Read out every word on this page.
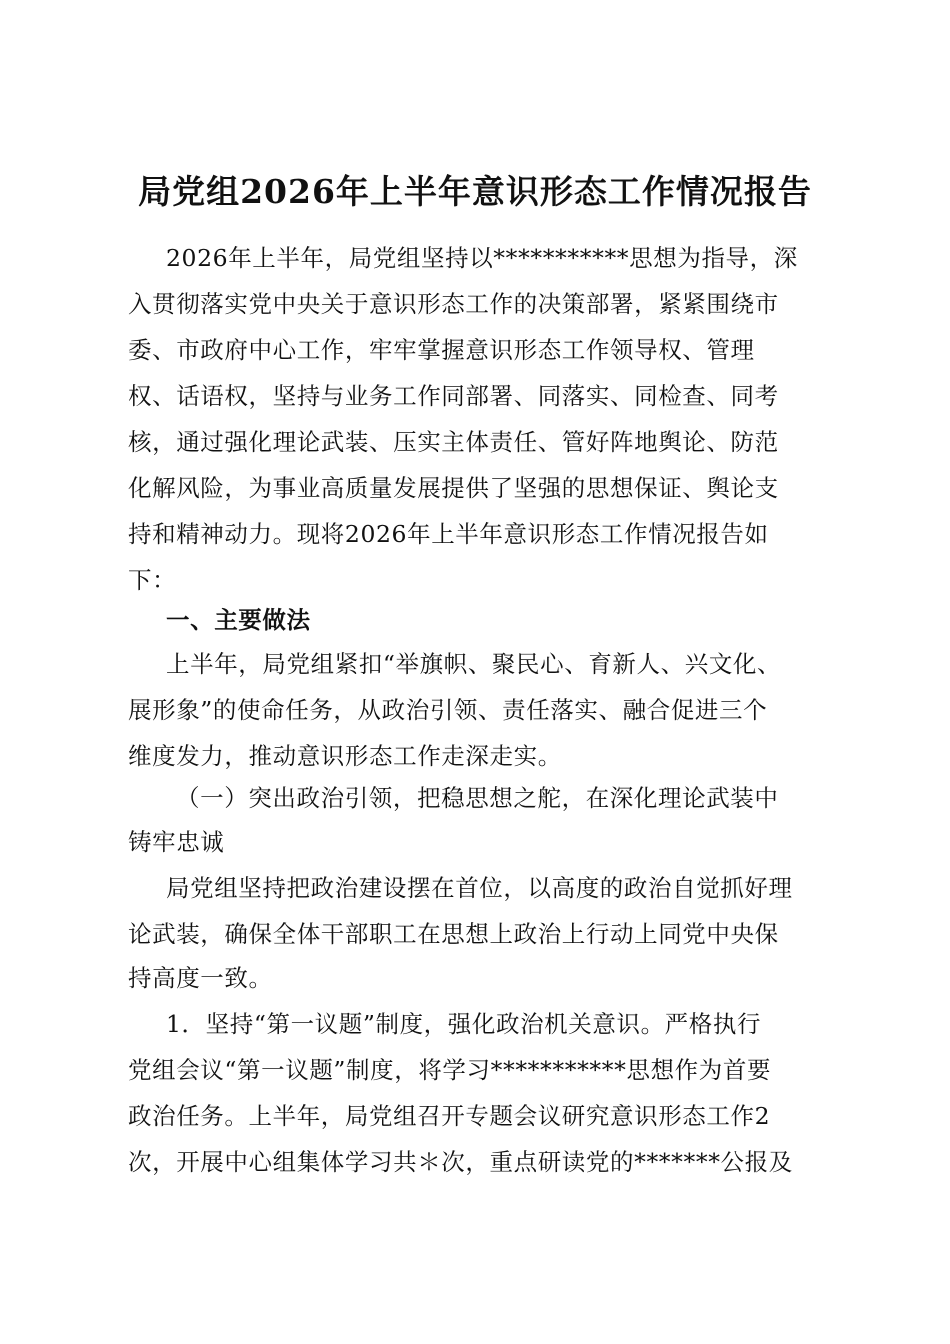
局党组2026年上半年意识形态工作情况报告
2026年上半年，局党组坚持以***********思想为指导，深
入贯彻落实党中央关于意识形态工作的决策部署，紧紧围绕市
委、市政府中心工作，牢牢掌握意识形态工作领导权、管理
权、话语权，坚持与业务工作同部署、同落实、同检查、同考
核，通过强化理论武装、压实主体责任、管好阵地舆论、防范
化解风险，为事业高质量发展提供了坚强的思想保证、舆论支
持和精神动力。现将2026年上半年意识形态工作情况报告如
下：
一、主要做法
上半年，局党组紧扣“举旗帜、聚民心、育新人、兴文化、
展形象”的使命任务，从政治引领、责任落实、融合促进三个
维度发力，推动意识形态工作走深走实。
（一）突出政治引领，把稳思想之舵，在深化理论武装中
铸牢忠诚
局党组坚持把政治建设摆在首位，以高度的政治自觉抓好理
论武装，确保全体干部职工在思想上政治上行动上同党中央保
持高度一致。
1．坚持“第一议题”制度，强化政治机关意识。严格执行
党组会议“第一议题”制度，将学习***********思想作为首要
政治任务。上半年，局党组召开专题会议研究意识形态工作2
次，开展中心组集体学习共＊次，重点研读党的*******公报及
